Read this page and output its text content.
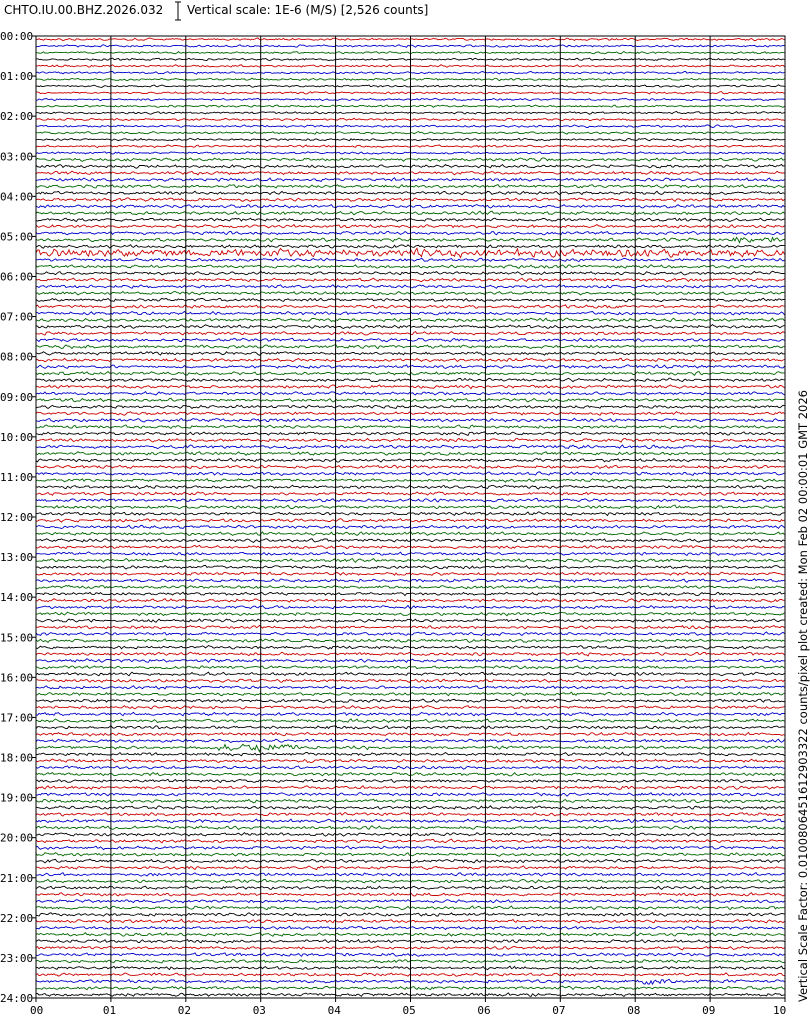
CHTO.IU.00.BHZ.2026.032 Vertical scale: 1E-6 (M/S) [2,526 counts]
00:00
01:00
02:00
03:00
04:00
05:00
06:00
07:00
08:00
09:00
10:00
11:00
12:00
13:00
14:00
15:00
16:00
17:00
18:00
19:00
20:00
21:00
22:00
23:00
24:00
00	01	02	03	04	05	06	07	08	09	10
Vertical Scale Factor: 0.0100806451612903322 counts/pixel plot created: Mon Feb 02 00:00:01 GMT 2026
